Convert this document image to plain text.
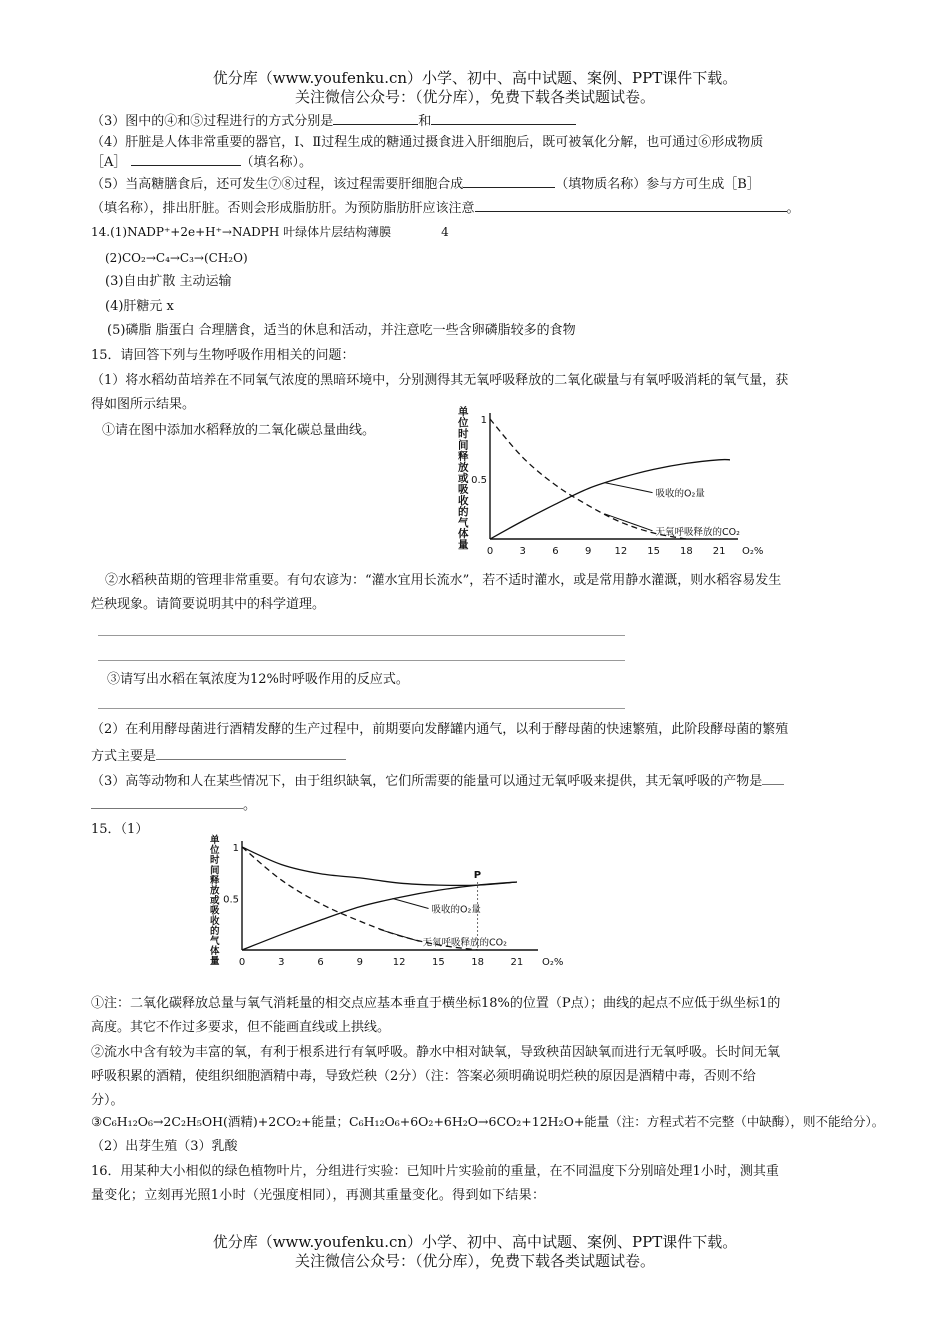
优分库（www.youfenku.cn）小学、初中、高中试题、案例、PPT课件下载。
关注微信公众号：（优分库），免费下载各类试题试卷。
（3）图中的④和⑤过程进行的方式分别是	和
（4）肝脏是人体非常重要的器官，Ⅰ、Ⅱ过程生成的糖通过摄食进入肝细胞后，既可被氧化分解，也可通过⑥形成物质
［A］	（填名称）。
（5）当高糖膳食后，还可发生⑦⑧过程，该过程需要肝细胞合成	（填物质名称）参与方可生成［B］
（填名称），排出肝脏。否则会形成脂肪肝。为预防脂肪肝应该注意	。
14.(1)NADP⁺+2e+H⁺→NADPH 叶绿体片层结构薄膜	4
(2)CO₂→C₄→C₃→(CH₂O)
(3)自由扩散 主动运输
(4)肝糖元 x
(5)磷脂 脂蛋白 合理膳食，适当的休息和活动，并注意吃一些含卵磷脂较多的食物
15．请回答下列与生物呼吸作用相关的问题：
（1）将水稻幼苗培养在不同氧气浓度的黑暗环境中，分别测得其无氧呼吸释放的二氧化碳量与有氧呼吸消耗的氧气量，获
得如图所示结果。
①请在图中添加水稻释放的二氧化碳总量曲线。
单位时间释放或吸收的气体量
0	3	6	9 12 15 18 21 O₂%
1
0.5
吸收的O₂量
无氧呼吸释放的CO₂
②水稻秧苗期的管理非常重要。有句农谚为：“灌水宜用长流水”，若不适时灌水，或是常用静水灌溉，则水稻容易发生
烂秧现象。请简要说明其中的科学道理。
③请写出水稻在氧浓度为12%时呼吸作用的反应式。
（2）在利用酵母菌进行酒精发酵的生产过程中，前期要向发酵罐内通气，以利于酵母菌的快速繁殖，此阶段酵母菌的繁殖
方式主要是
（3）高等动物和人在某些情况下，由于组织缺氧，它们所需要的能量可以通过无氧呼吸来提供，其无氧呼吸的产物是
。
15．（1）
单位时间释放或吸收的气体量 0	3	6	9	12	15	18	21 O₂%
1
0.5
吸收的O₂量
无氧呼吸释放的CO₂
P
①注：二氧化碳释放总量与氧气消耗量的相交点应基本垂直于横坐标18%的位置（P点）；曲线的起点不应低于纵坐标1的
高度。其它不作过多要求，但不能画直线或上拱线。
②流水中含有较为丰富的氧，有利于根系进行有氧呼吸。静水中相对缺氧，导致秧苗因缺氧而进行无氧呼吸。长时间无氧
呼吸积累的酒精，使组织细胞酒精中毒，导致烂秧（2分）（注：答案必须明确说明烂秧的原因是酒精中毒，否则不给
分）。
③C₆H₁₂O₆→2C₂H₅OH(酒精)+2CO₂+能量；C₆H₁₂O₆+6O₂+6H₂O→6CO₂+12H₂O+能量（注：方程式若不完整（中缺酶），则不能给分）。
（2）出芽生殖（3）乳酸
16．用某种大小相似的绿色植物叶片，分组进行实验：已知叶片实验前的重量，在不同温度下分别暗处理1小时，测其重
量变化；立刻再光照1小时（光强度相同），再测其重量变化。得到如下结果：
优分库（www.youfenku.cn）小学、初中、高中试题、案例、PPT课件下载。
关注微信公众号：（优分库），免费下载各类试题试卷。
